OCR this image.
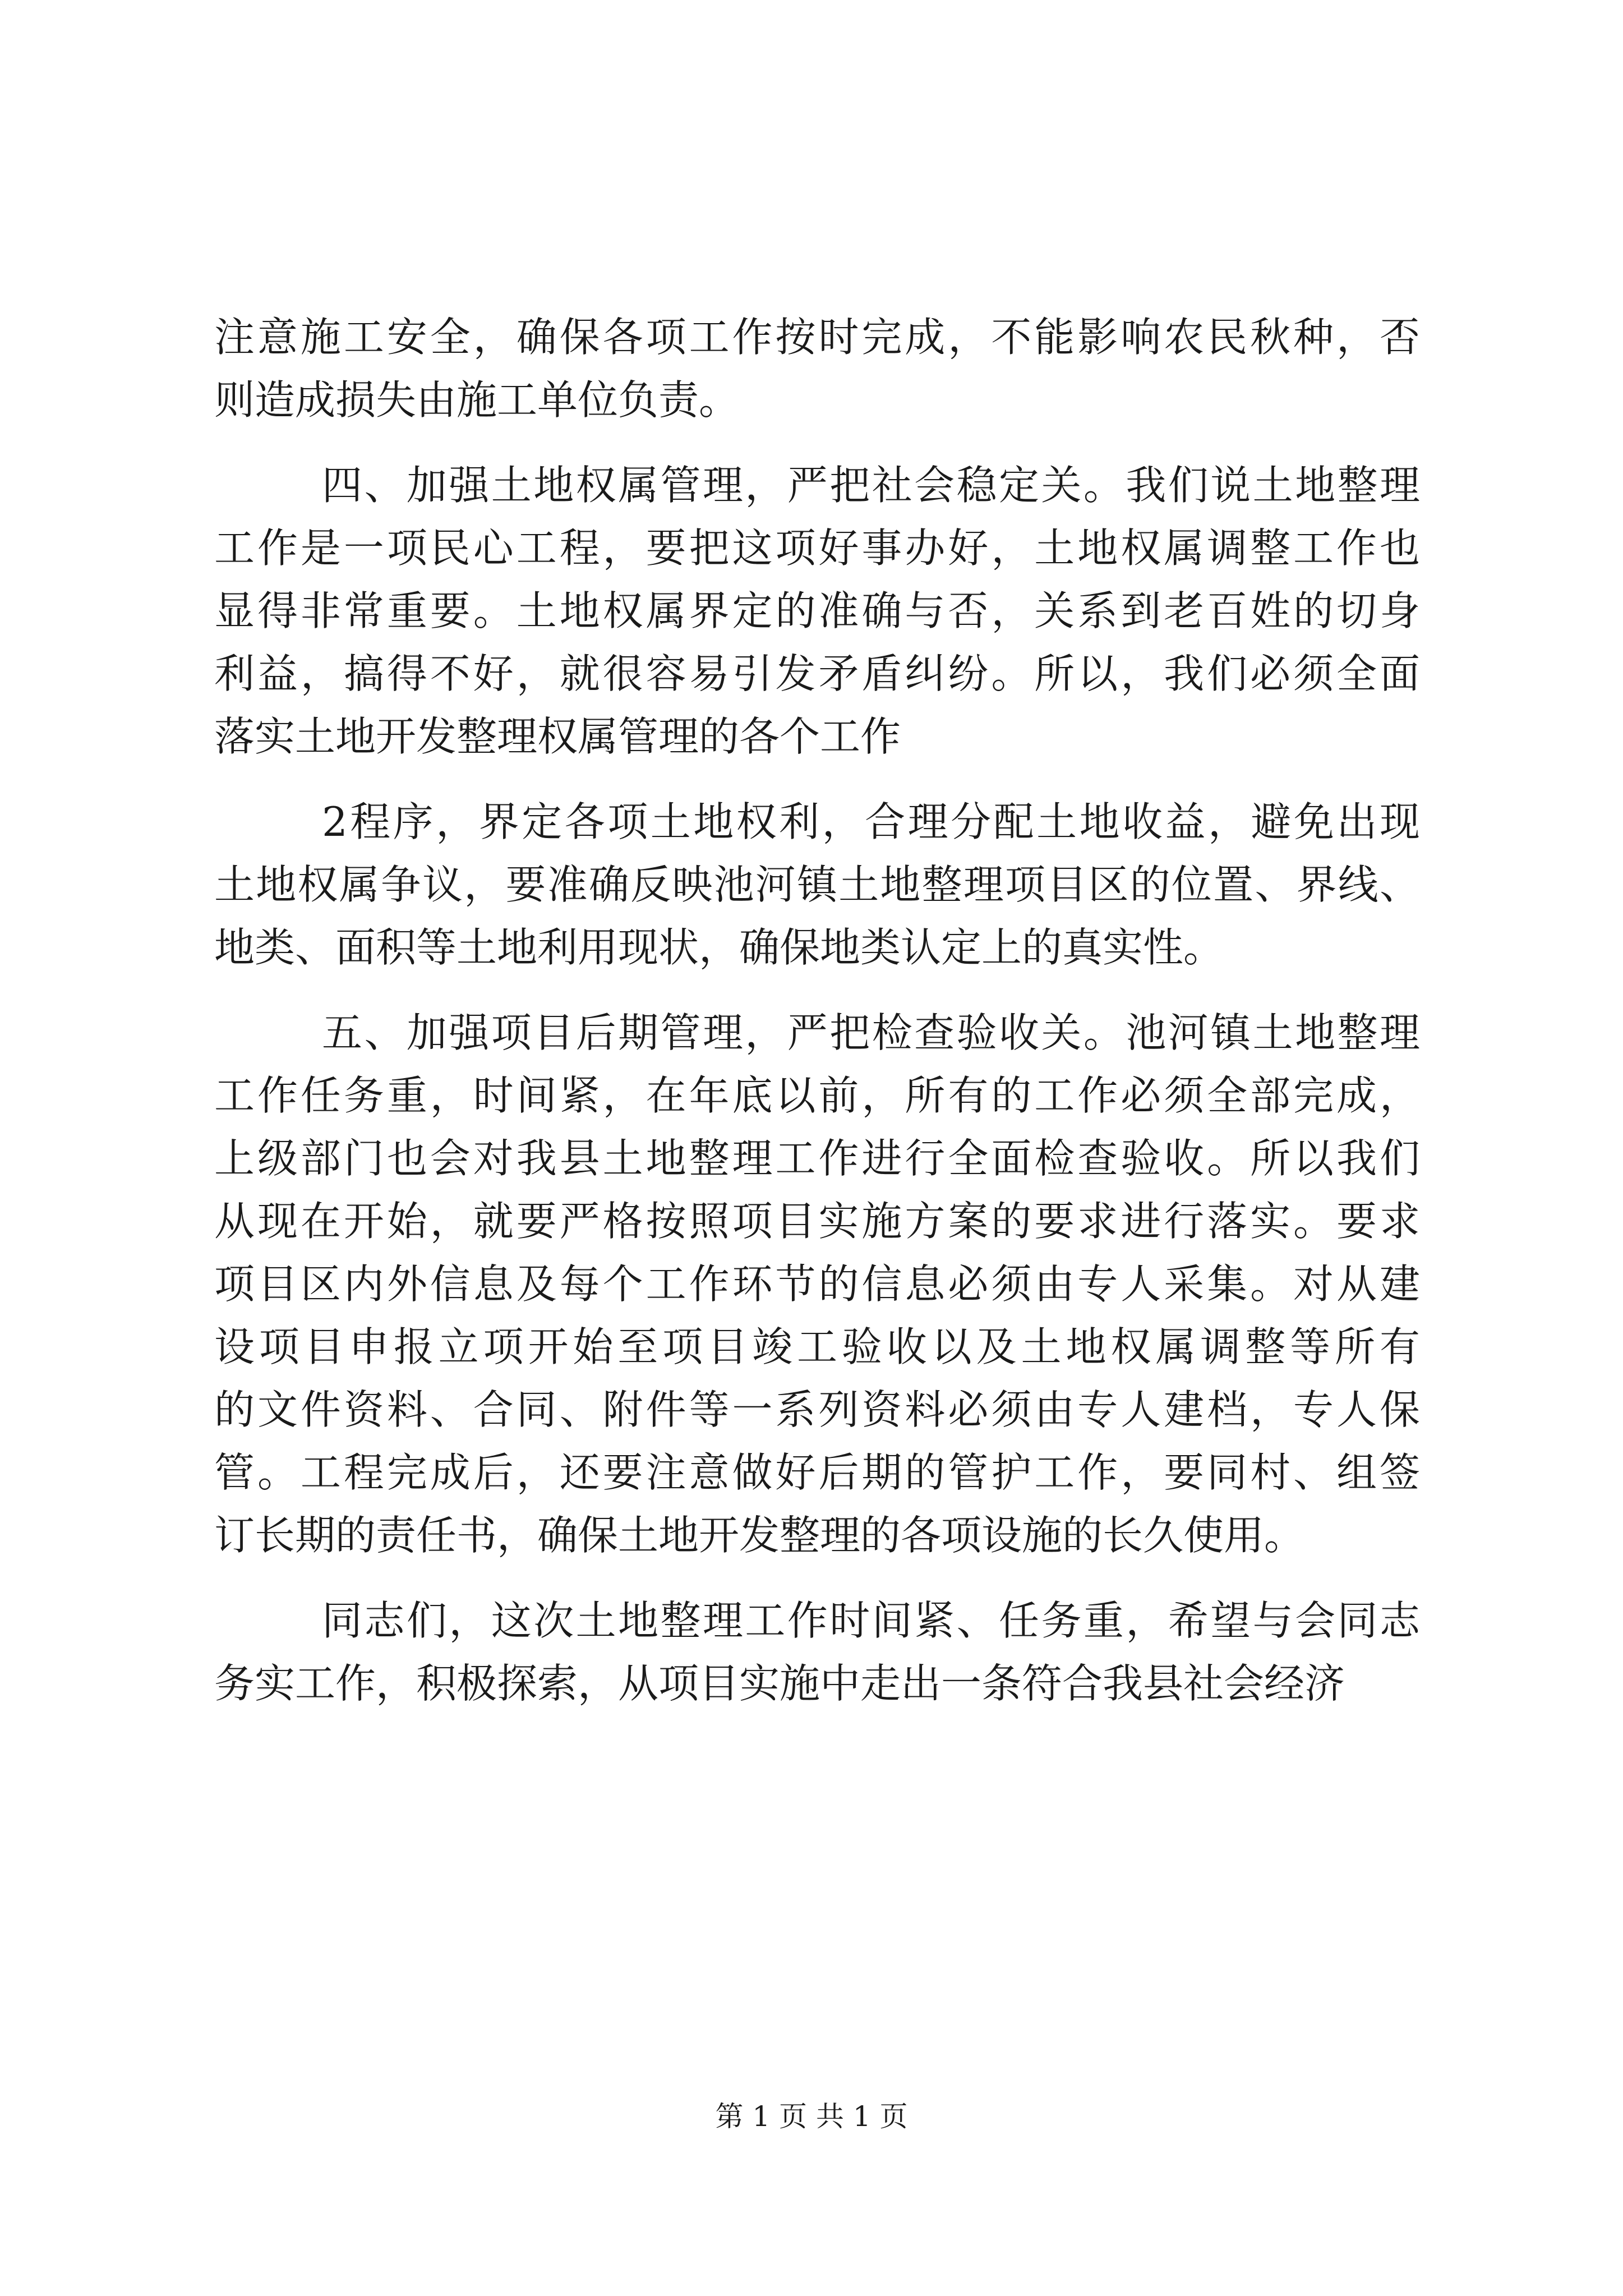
注意施工安全，确保各项工作按时完成，不能影响农民秋种，否
则造成损失由施工单位负责。
四、加强土地权属管理，严把社会稳定关。我们说土地整理
工作是一项民心工程，要把这项好事办好，土地权属调整工作也
显得非常重要。土地权属界定的准确与否，关系到老百姓的切身
利益，搞得不好，就很容易引发矛盾纠纷。所以，我们必须全面
落实土地开发整理权属管理的各个工作
2程序，界定各项土地权利，合理分配土地收益，避免出现
土地权属争议，要准确反映池河镇土地整理项目区的位置、界线、
地类、面积等土地利用现状，确保地类认定上的真实性。
五、加强项目后期管理，严把检查验收关。池河镇土地整理
工作任务重，时间紧，在年底以前，所有的工作必须全部完成，
上级部门也会对我县土地整理工作进行全面检查验收。所以我们
从现在开始，就要严格按照项目实施方案的要求进行落实。要求
项目区内外信息及每个工作环节的信息必须由专人采集。对从建
设项目申报立项开始至项目竣工验收以及土地权属调整等所有
的文件资料、合同、附件等一系列资料必须由专人建档，专人保
管。工程完成后，还要注意做好后期的管护工作，要同村、组签
订长期的责任书，确保土地开发整理的各项设施的长久使用。
同志们，这次土地整理工作时间紧、任务重，希望与会同志
务实工作，积极探索，从项目实施中走出一条符合我县社会经济
第 1 页 共 1 页
